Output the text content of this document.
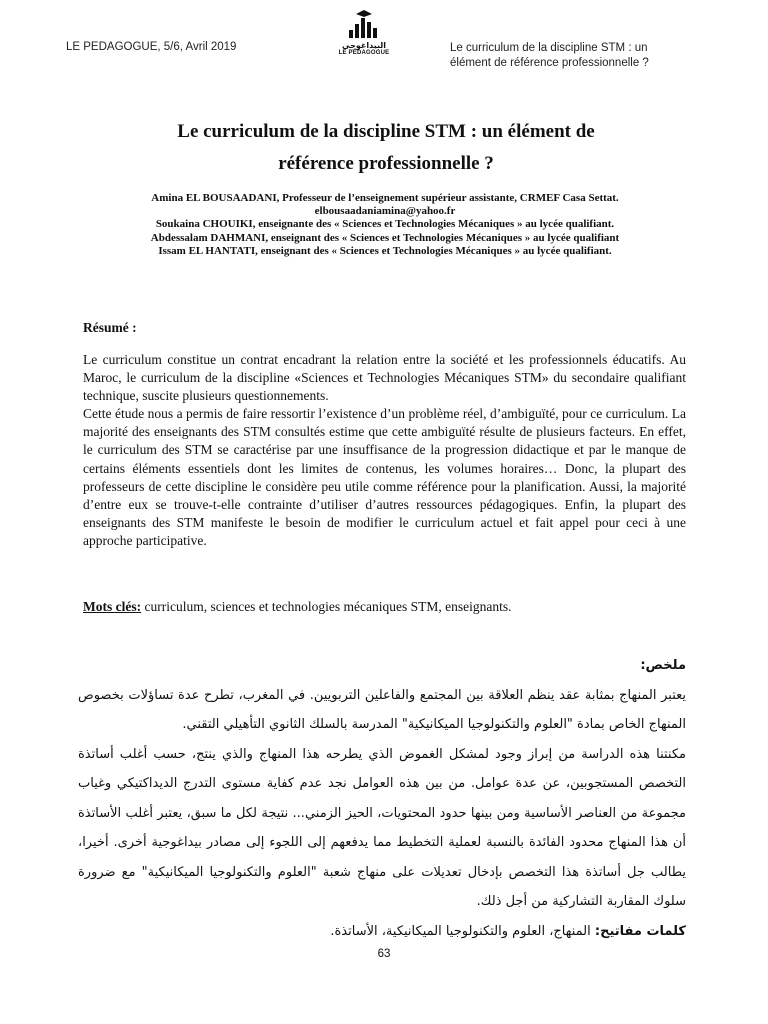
LE PEDAGOGUE, 5/6, Avril 2019	البيداغوجي
LE PÉDAGOGUE	Le curriculum de la discipline STM : un
élément de référence professionnelle ?
Le curriculum de la discipline STM : un élément de
référence professionnelle ?
Amina EL BOUSAADANI, Professeur de l’enseignement supérieur assistante, CRMEF Casa Settat.
elbousaadaniamina@yahoo.fr
Soukaina CHOUIKI, enseignante des « Sciences et Technologies Mécaniques » au lycée qualifiant.
Abdessalam DAHMANI, enseignant des « Sciences et Technologies Mécaniques » au lycée qualifiant
Issam EL HANTATI, enseignant des « Sciences et Technologies Mécaniques » au lycée qualifiant.
Résumé :

Le curriculum constitue un contrat encadrant la relation entre la société et les professionnels éducatifs. Au Maroc, le curriculum de la discipline «Sciences et Technologies Mécaniques STM» du secondaire qualifiant technique, suscite plusieurs questionnements.

Cette étude nous a permis de faire ressortir l’existence d’un problème réel, d’ambiguïté, pour ce curriculum. La majorité des enseignants des STM consultés estime que cette ambiguïté résulte de plusieurs facteurs. En effet, le curriculum des STM se caractérise par une insuffisance de la progression didactique et par le manque de certains éléments essentiels dont les limites de contenus, les volumes horaires… Donc, la plupart des professeurs de cette discipline le considère peu utile comme référence pour la planification. Aussi, la majorité d’entre eux se trouve-t-elle contrainte d’utiliser d’autres ressources pédagogiques. Enfin, la plupart des enseignants des STM manifeste le besoin de modifier le curriculum actuel et fait appel pour ceci à une approche participative.

Mots clés: curriculum, sciences et technologies mécaniques STM, enseignants.

ملخص:

يعتبر المنهاج بمثابة عقد ينظم العلاقة بين المجتمع والفاعلين التربويين. في المغرب، تطرح عدة تساؤلات بخصوص المنهاج الخاص بمادة "العلوم والتكنولوجيا الميكانيكية" المدرسة بالسلك الثانوي التأهيلي التقني.

مكنتنا هذه الدراسة من إبراز وجود لمشكل الغموض الذي يطرحه هذا المنهاج والذي ينتج، حسب أغلب أساتذة التخصص المستجوبين، عن عدة عوامل. من بين هذه العوامل نجد عدم كفاية مستوى التدرج الديداكتيكي وغياب مجموعة من العناصر الأساسية ومن بينها حدود المحتويات، الحيز الزمني... نتيجة لكل ما سبق، يعتبر أغلب الأساتذة أن هذا المنهاج محدود الفائدة بالنسبة لعملية التخطيط مما يدفعهم إلى اللجوء إلى مصادر بيداغوجية أخرى. أخيرا، يطالب جل أساتذة هذا التخصص بإدخال تعديلات على منهاج شعبة "العلوم والتكنولوجيا الميكانيكية" مع ضرورة سلوك المقاربة التشاركية من أجل ذلك.

كلمات مفاتيح: المنهاج، العلوم والتكنولوجيا الميكانيكية، الأساتذة.

63
